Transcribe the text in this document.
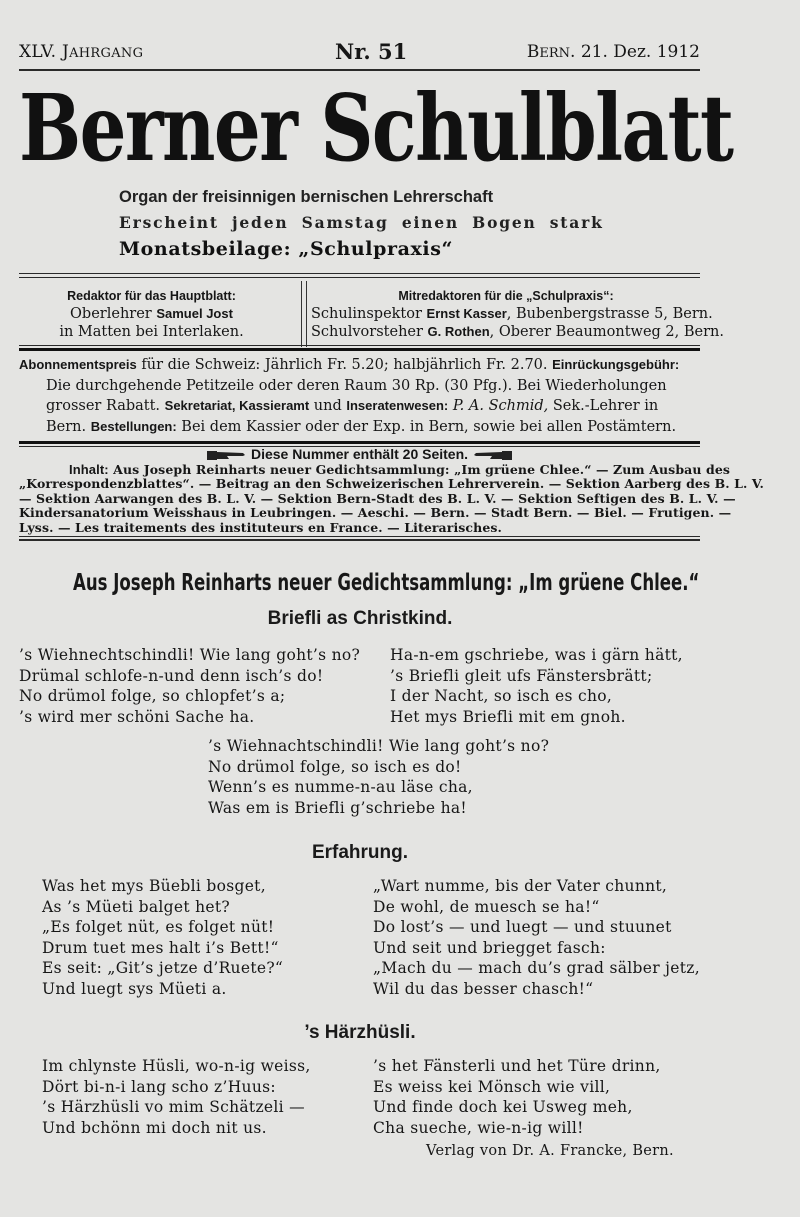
XLV. JAHRGANG	Nr. 51	BERN. 21. Dez. 1912
Berner Schulblatt
Organ der freisinnigen bernischen Lehrerschaft
Erscheint jeden Samstag einen Bogen stark
Monatsbeilage: „Schulpraxis“
Redaktor für das Hauptblatt:
Oberlehrer Samuel Jost
in Matten bei Interlaken.
Mitredaktoren für die „Schulpraxis“:
Schulinspektor Ernst Kasser, Bubenbergstrasse 5, Bern.
Schulvorsteher G. Rothen, Oberer Beaumontweg 2, Bern.
Abonnementspreis für die Schweiz: Jährlich Fr. 5.20; halbjährlich Fr. 2.70. Einrückungsgebühr:
Die durchgehende Petitzeile oder deren Raum 30 Rp. (30 Pfg.). Bei Wiederholungen
grosser Rabatt. Sekretariat, Kassieramt und Inseratenwesen: P. A. Schmid, Sek.-Lehrer in
Bern. Bestellungen: Bei dem Kassier oder der Exp. in Bern, sowie bei allen Postämtern.
Diese Nummer enthält 20 Seiten.
Inhalt: Aus Joseph Reinharts neuer Gedichtsammlung: „Im grüene Chlee.“ — Zum Ausbau des
„Korrespondenzblattes“. — Beitrag an den Schweizerischen Lehrerverein. — Sektion Aarberg des B. L. V.
— Sektion Aarwangen des B. L. V. — Sektion Bern-Stadt des B. L. V. — Sektion Seftigen des B. L. V. —
Kindersanatorium Weisshaus in Leubringen. — Aeschi. — Bern. — Stadt Bern. — Biel. — Frutigen. —
Lyss. — Les traitements des instituteurs en France. — Literarisches.
Aus Joseph Reinharts neuer Gedichtsammlung: „Im grüene Chlee.“
Briefli as Christkind.
’s Wiehnechtschindli! Wie lang goht’s no?
Drümal schlofe-n-und denn isch’s do!
No drümol folge, so chlopfet’s a;
’s wird mer schöni Sache ha.
Ha-n-em gschriebe, was i gärn hätt,
’s Briefli gleit ufs Fänstersbrätt;
I der Nacht, so isch es cho,
Het mys Briefli mit em gnoh.
’s Wiehnachtschindli! Wie lang goht’s no?
No drümol folge, so isch es do!
Wenn’s es numme-n-au läse cha,
Was em is Briefli g’schriebe ha!
Erfahrung.
Was het mys Büebli bosget,
As ’s Müeti balget het?
„Es folget nüt, es folget nüt!
Drum tuet mes halt i’s Bett!“
Es seit: „Git’s jetze d’Ruete?“
Und luegt sys Müeti a.
„Wart numme, bis der Vater chunnt,
De wohl, de muesch se ha!“
Do lost’s — und luegt — und stuunet
Und seit und briegget fasch:
„Mach du — mach du’s grad sälber jetz,
Wil du das besser chasch!“
’s Härzhüsli.
Im chlynste Hüsli, wo-n-ig weiss,
Dört bi-n-i lang scho z’Huus:
’s Härzhüsli vo mim Schätzeli —
Und bchönn mi doch nit us.
’s het Fänsterli und het Türe drinn,
Es weiss kei Mönsch wie vill,
Und finde doch kei Usweg meh,
Cha sueche, wie-n-ig will!
Verlag von Dr. A. Francke, Bern.
